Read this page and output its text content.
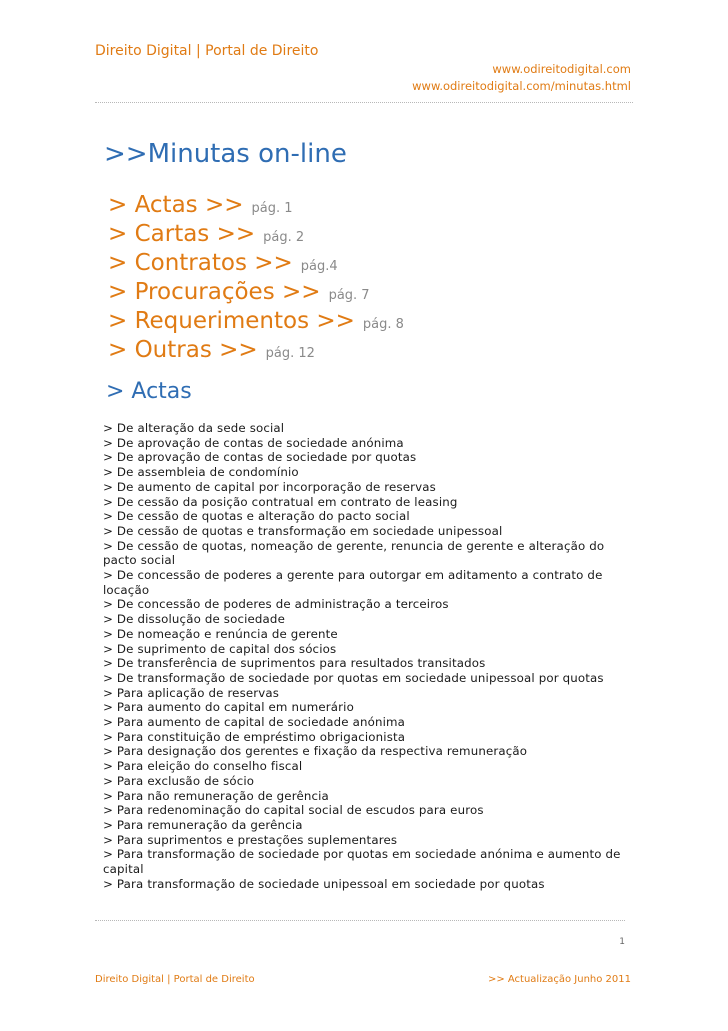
Direito Digital | Portal de Direito
www.odireitodigital.com
www.odireitodigital.com/minutas.html
>>Minutas on-line
> Actas >> pág. 1
> Cartas >> pág. 2
> Contratos >> pág.4
> Procurações >> pág. 7
> Requerimentos >> pág. 8
> Outras >> pág. 12
> Actas
> De alteração da sede social
> De aprovação de contas de sociedade anónima
> De aprovação de contas de sociedade por quotas
> De assembleia de condomínio
> De aumento de capital por incorporação de reservas
> De cessão da posição contratual em contrato de leasing
> De cessão de quotas e alteração do pacto social
> De cessão de quotas e transformação em sociedade unipessoal
> De cessão de quotas, nomeação de gerente, renuncia de gerente e alteração do pacto social
> De concessão de poderes a gerente para outorgar em aditamento a contrato de locação
> De concessão de poderes de administração a terceiros
> De dissolução de sociedade
> De nomeação e renúncia de gerente
> De suprimento de capital dos sócios
> De transferência de suprimentos para resultados transitados
> De transformação de sociedade por quotas em sociedade unipessoal por quotas
> Para aplicação de reservas
> Para aumento do capital em numerário
> Para aumento de capital de sociedade anónima
> Para constituição de empréstimo obrigacionista
> Para designação dos gerentes e fixação da respectiva remuneração
> Para eleição do conselho fiscal
> Para exclusão de sócio
> Para não remuneração de gerência
> Para redenominação do capital social de escudos para euros
> Para remuneração da gerência
> Para suprimentos e prestações suplementares
> Para transformação de sociedade por quotas em sociedade anónima e aumento de capital
> Para transformação de sociedade unipessoal em sociedade por quotas
1
Direito Digital | Portal de Direito	>> Actualização Junho 2011
